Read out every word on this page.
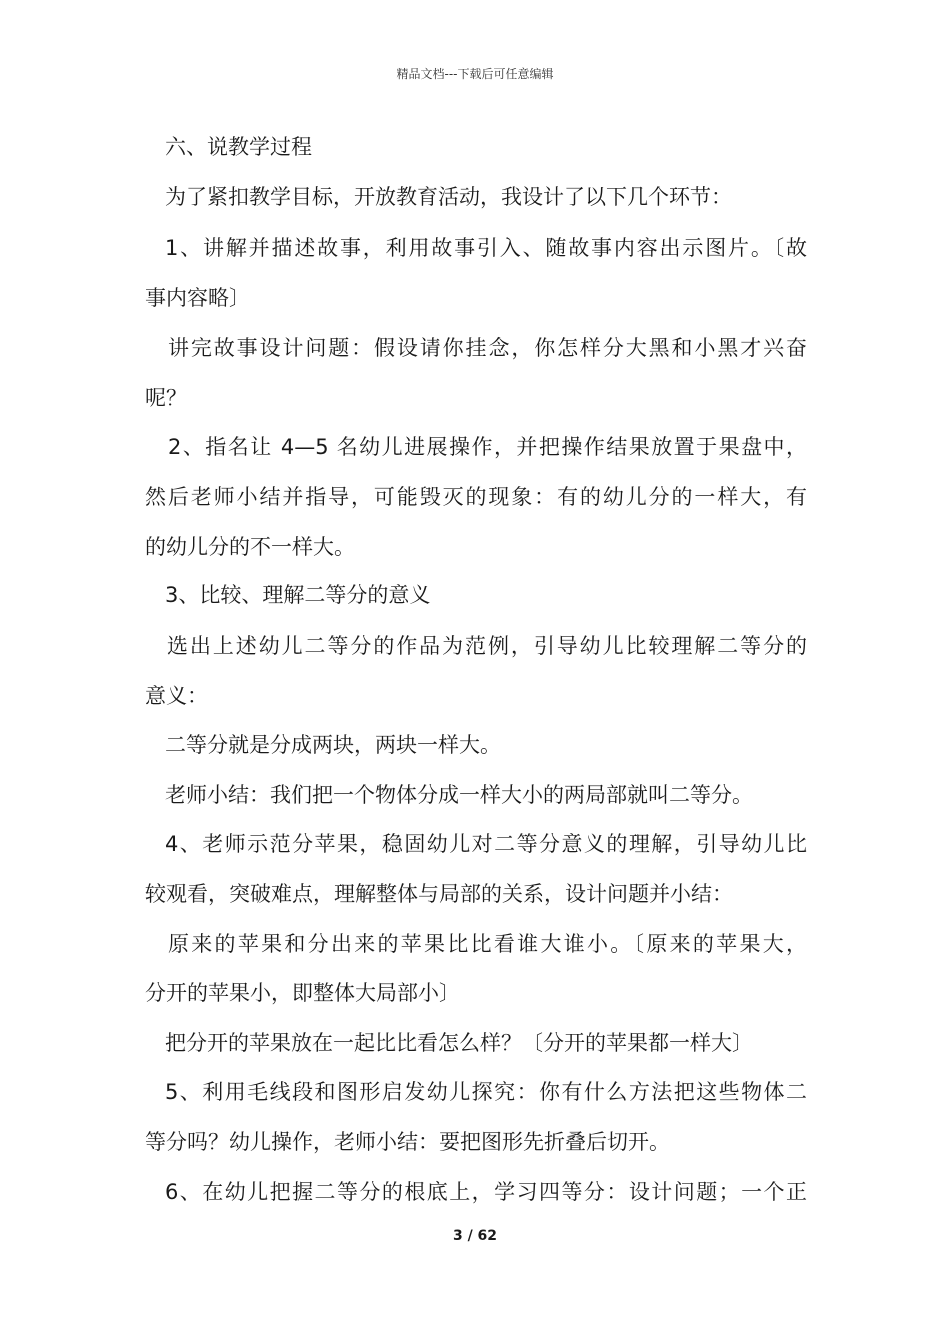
精品文档---下载后可任意编辑
六、说教学过程
为了紧扣教学目标，开放教育活动，我设计了以下几个环节：
1、讲解并描述故事，利用故事引入、随故事内容出示图片。〔故
事内容略〕
讲完故事设计问题：假设请你挂念，你怎样分大黑和小黑才兴奋
呢？
2、指名让 4—5 名幼儿进展操作，并把操作结果放置于果盘中，
然后老师小结并指导，可能毁灭的现象：有的幼儿分的一样大，有
的幼儿分的不一样大。
3、比较、理解二等分的意义
选出上述幼儿二等分的作品为范例，引导幼儿比较理解二等分的
意义：
二等分就是分成两块，两块一样大。
老师小结：我们把一个物体分成一样大小的两局部就叫二等分。
4、老师示范分苹果，稳固幼儿对二等分意义的理解，引导幼儿比
较观看，突破难点，理解整体与局部的关系，设计问题并小结：
原来的苹果和分出来的苹果比比看谁大谁小。〔原来的苹果大，
分开的苹果小，即整体大局部小〕
把分开的苹果放在一起比比看怎么样？〔分开的苹果都一样大〕
5、利用毛线段和图形启发幼儿探究：你有什么方法把这些物体二
等分吗？幼儿操作，老师小结：要把图形先折叠后切开。
6、在幼儿把握二等分的根底上，学习四等分：设计问题；一个正
3 / 62
